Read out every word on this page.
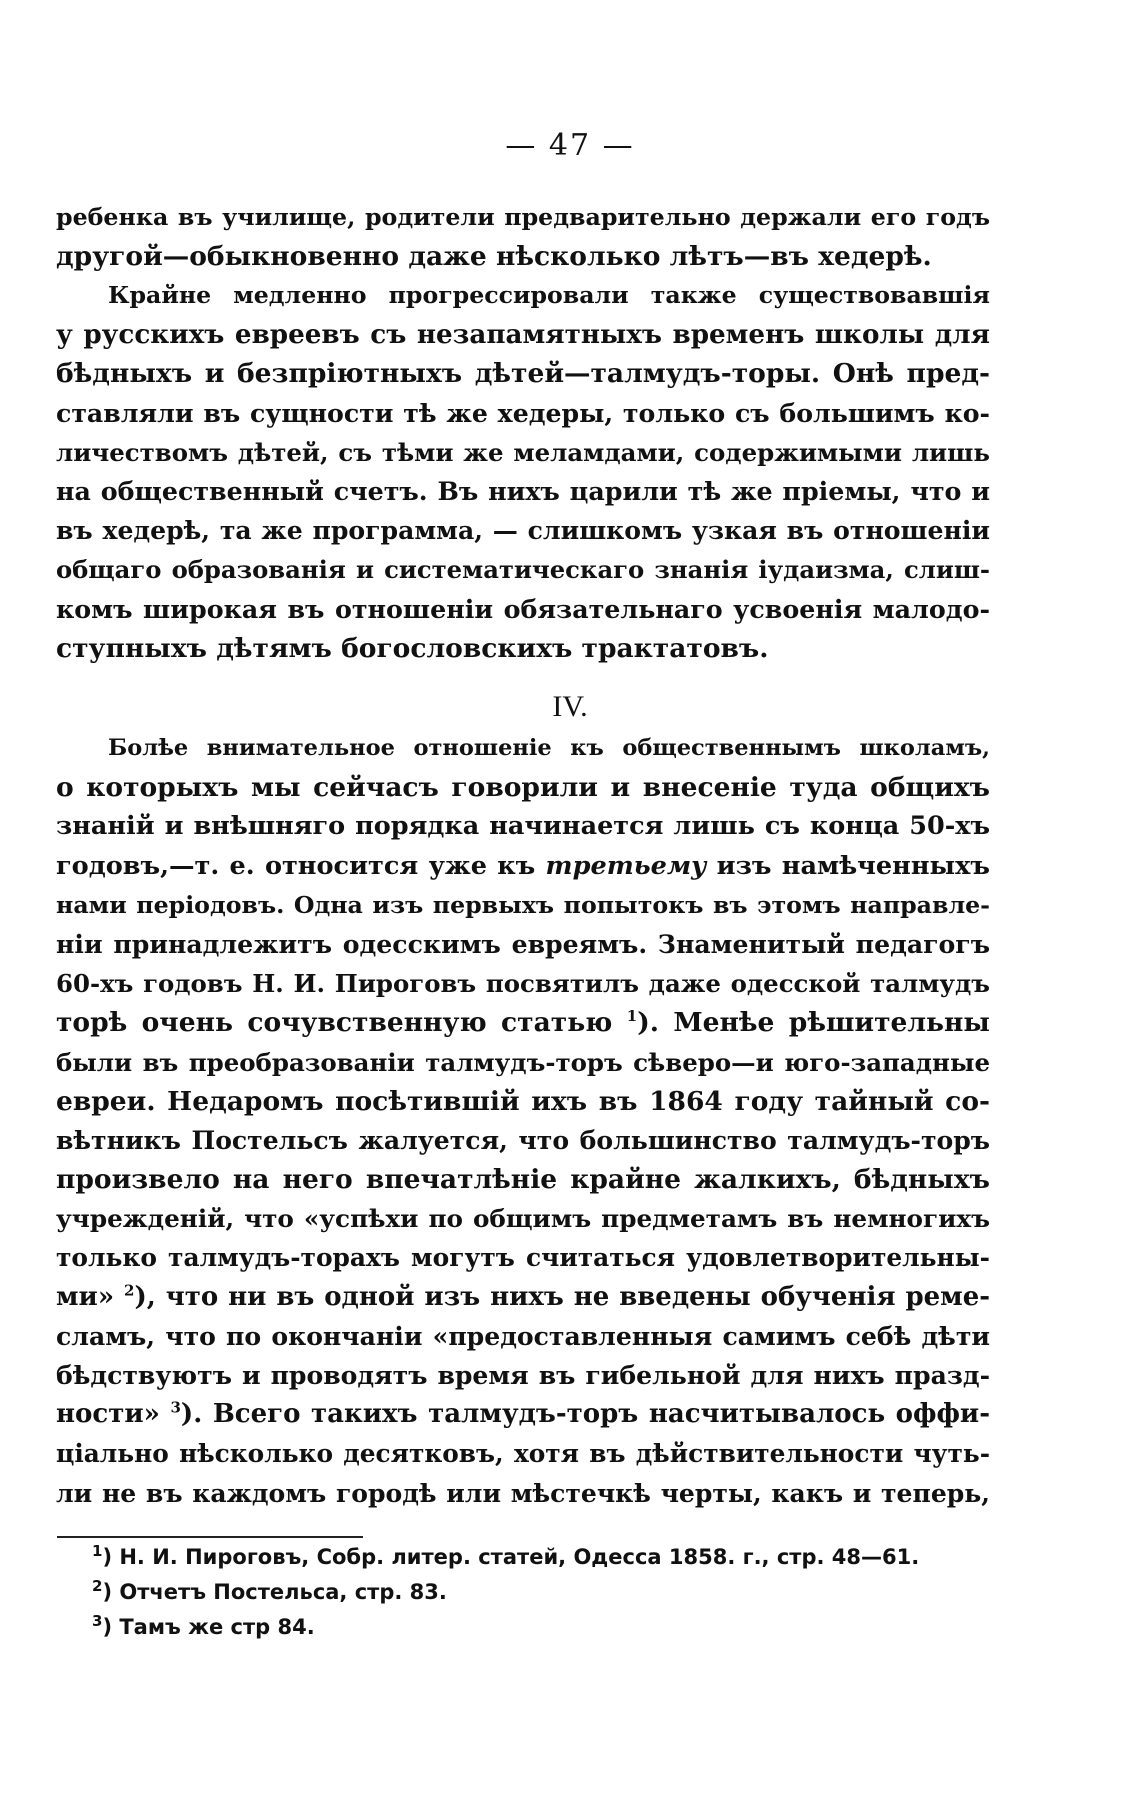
— 47 —
ребенка въ училище, родители предварительно держали его годъ
другой—обыкновенно даже нѣсколько лѣтъ—въ хедерѣ.
Крайне медленно прогрессировали также существовавшія
у русскихъ евреевъ съ незапамятныхъ временъ школы для
бѣдныхъ и безпріютныхъ дѣтей—талмудъ-торы. Онѣ пред-
ставляли въ сущности тѣ же хедеры, только съ большимъ ко-
личествомъ дѣтей, съ тѣми же меламдами, содержимыми лишь
на общественный счетъ. Въ нихъ царили тѣ же пріемы, что и
въ хедерѣ, та же программа, — слишкомъ узкая въ отношеніи
общаго образованія и систематическаго знанія іудаизма, слиш-
комъ широкая въ отношеніи обязательнаго усвоенія малодо-
ступныхъ дѣтямъ богословскихъ трактатовъ.
IV.
Болѣе внимательное отношеніе къ общественнымъ школамъ,
о которыхъ мы сейчасъ говорили и внесеніе туда общихъ
знаній и внѣшняго порядка начинается лишь съ конца 50-хъ
годовъ,—т. е. относится уже къ третьему изъ намѣченныхъ
нами періодовъ. Одна изъ первыхъ попытокъ въ этомъ направле-
ніи принадлежитъ одесскимъ евреямъ. Знаменитый педагогъ
60-хъ годовъ Н. И. Пироговъ посвятилъ даже одесской талмудъ
торѣ очень сочувственную статью $^1$). Менѣе рѣшительны
были въ преобразованіи талмудъ-торъ сѣверо—и юго-западные
евреи. Недаромъ посѣтившій ихъ въ 1864 году тайный со-
вѣтникъ Постельсъ жалуется, что большинство талмудъ-торъ
произвело на него впечатлѣніе крайне жалкихъ, бѣдныхъ
учрежденій, что «успѣхи по общимъ предметамъ въ немногихъ
только талмудъ-торахъ могутъ считаться удовлетворительны-
ми» $^2$), что ни въ одной изъ нихъ не введены обученія реме-
сламъ, что по окончаніи «предоставленныя самимъ себѣ дѣти
бѣдствуютъ и проводятъ время въ гибельной для нихъ празд-
ности» $^3$). Всего такихъ талмудъ-торъ насчитывалось оффи-
ціально нѣсколько десятковъ, хотя въ дѣйствительности чуть-
ли не въ каждомъ городѣ или мѣстечкѣ черты, какъ и теперь,
$^1$) Н. И. Пироговъ, Собр. литер. статей, Одесса 1858. г., стр. 48—61.
$^2$) Отчетъ Постельса, стр. 83.
$^3$) Тамъ же стр 84.
